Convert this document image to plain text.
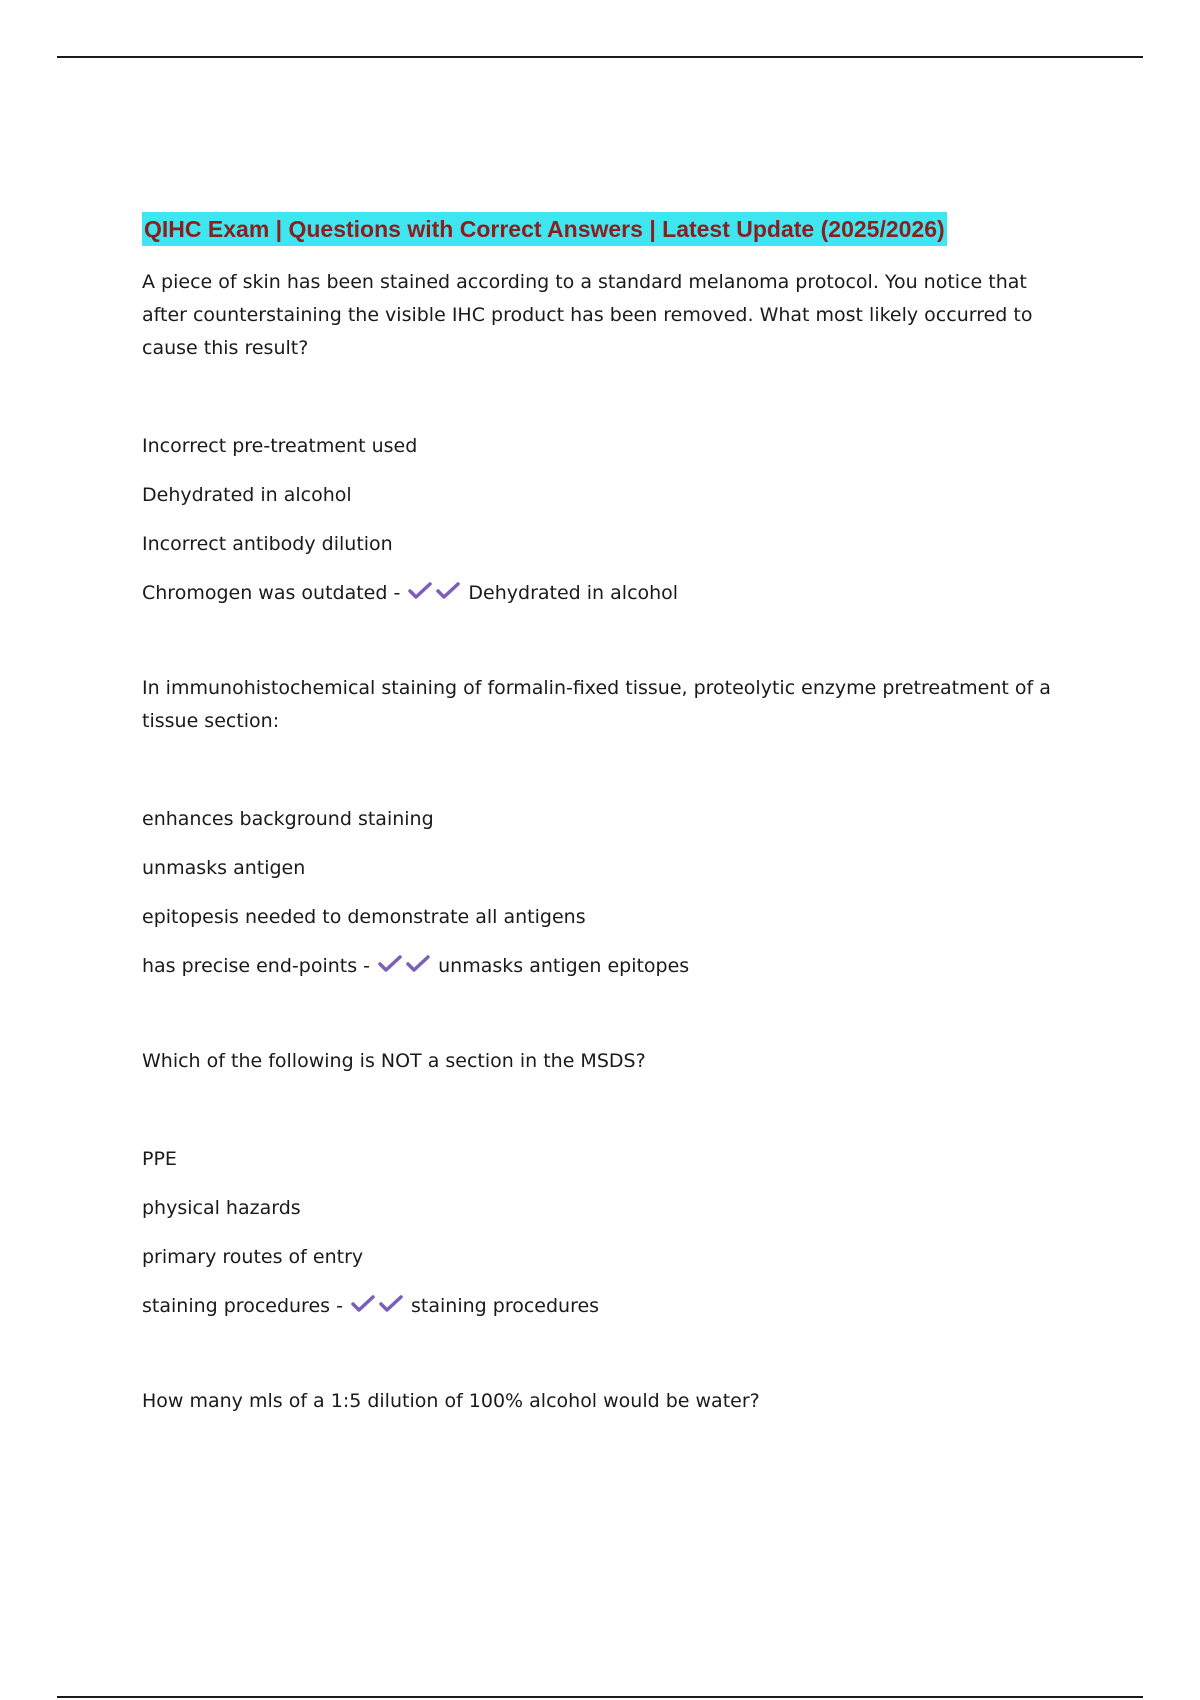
QIHC Exam | Questions with Correct Answers | Latest Update (2025/2026)

A piece of skin has been stained according to a standard melanoma protocol. You notice that after counterstaining the visible IHC product has been removed. What most likely occurred to cause this result?

Incorrect pre-treatment used

Dehydrated in alcohol

Incorrect antibody dilution

Chromogen was outdated -	Dehydrated in alcohol

In immunohistochemical staining of formalin-fixed tissue, proteolytic enzyme pretreatment of a tissue section:

enhances background staining

unmasks antigen

epitopesis needed to demonstrate all antigens

has precise end-points -	unmasks antigen epitopes

Which of the following is NOT a section in the MSDS?

PPE

physical hazards

primary routes of entry

staining procedures -	staining procedures

How many mls of a 1:5 dilution of 100% alcohol would be water?
